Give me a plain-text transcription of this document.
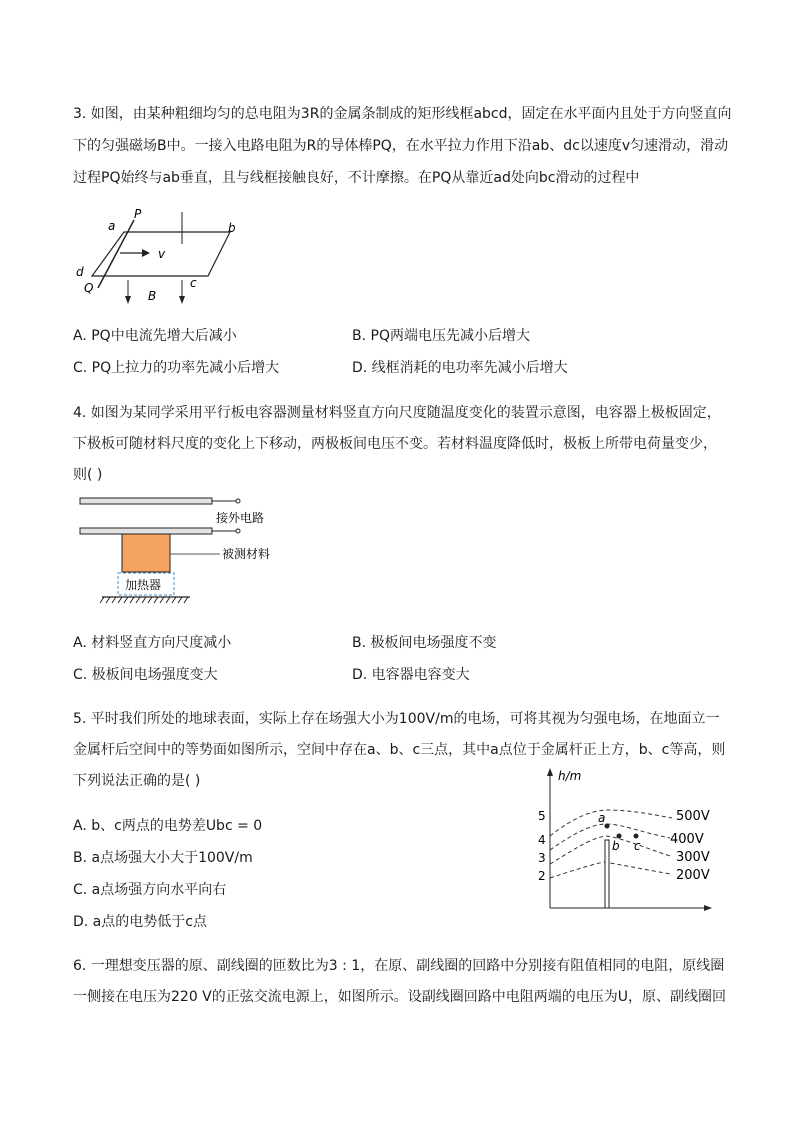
3. 如图，由某种粗细均匀的总电阻为3R的金属条制成的矩形线框abcd，固定在水平面内且处于方向竖直向
下的匀强磁场B中。一接入电路电阻为R的导体棒PQ，在水平拉力作用下沿ab、dc以速度v匀速滑动，滑动
过程PQ始终与ab垂直，且与线框接触良好，不计摩擦。在PQ从靠近ad处向bc滑动的过程中
a
P
b
d
Q
v
c
B
A. PQ中电流先增大后减小	B. PQ两端电压先减小后增大
C. PQ上拉力的功率先减小后增大	D. 线框消耗的电功率先减小后增大
4. 如图为某同学采用平行板电容器测量材料竖直方向尺度随温度变化的装置示意图，电容器上极板固定，
下极板可随材料尺度的变化上下移动，两极板间电压不变。若材料温度降低时，极板上所带电荷量变少，
则( )
接外电路
被测材料
加热器
A. 材料竖直方向尺度减小	B. 极板间电场强度不变
C. 极板间电场强度变大	D. 电容器电容变大
5. 平时我们所处的地球表面，实际上存在场强大小为100V/m的电场，可将其视为匀强电场，在地面立一
金属杆后空间中的等势面如图所示，空间中存在a、b、c三点，其中a点位于金属杆正上方，b、c等高，则
下列说法正确的是( )
A. b、c两点的电势差Ubc = 0
B. a点场强大小大于100V/m
C. a点场强方向水平向右
D. a点的电势低于c点
h/m
5
4
3
2
a
b c
500V
400V
300V
200V
6. 一理想变压器的原、副线圈的匝数比为3 : 1，在原、副线圈的回路中分别接有阻值相同的电阻，原线圈
一侧接在电压为220 V的正弦交流电源上，如图所示。设副线圈回路中电阻两端的电压为U，原、副线圈回
